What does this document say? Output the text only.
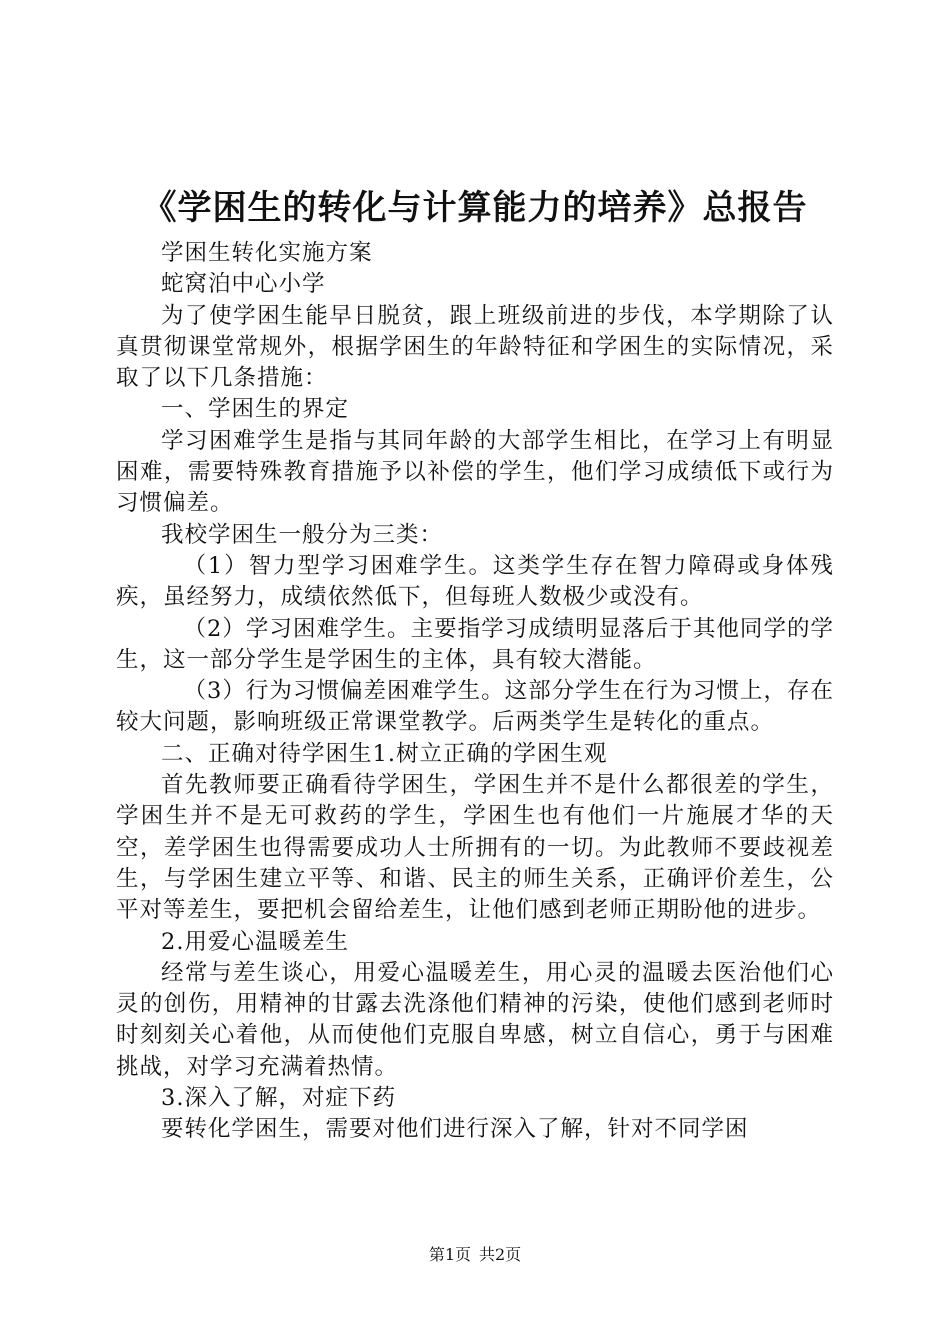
《学困生的转化与计算能力的培养》总报告

学困生转化实施方案

蛇窝泊中心小学

为了使学困生能早日脱贫，跟上班级前进的步伐，本学期除了认真贯彻课堂常规外，根据学困生的年龄特征和学困生的实际情况，采取了以下几条措施：

一、学困生的界定

学习困难学生是指与其同年龄的大部学生相比，在学习上有明显困难，需要特殊教育措施予以补偿的学生，他们学习成绩低下或行为习惯偏差。

我校学困生一般分为三类：

（1）智力型学习困难学生。这类学生存在智力障碍或身体残疾，虽经努力，成绩依然低下，但每班人数极少或没有。

（2）学习困难学生。主要指学习成绩明显落后于其他同学的学生，这一部分学生是学困生的主体，具有较大潜能。

（3）行为习惯偏差困难学生。这部分学生在行为习惯上，存在较大问题，影响班级正常课堂教学。后两类学生是转化的重点。

二、正确对待学困生1.树立正确的学困生观

首先教师要正确看待学困生，学困生并不是什么都很差的学生，学困生并不是无可救药的学生，学困生也有他们一片施展才华的天空，差学困生也得需要成功人士所拥有的一切。为此教师不要歧视差生，与学困生建立平等、和谐、民主的师生关系，正确评价差生，公平对等差生，要把机会留给差生，让他们感到老师正期盼他的进步。

2.用爱心温暖差生

经常与差生谈心，用爱心温暖差生，用心灵的温暖去医治他们心灵的创伤，用精神的甘露去洗涤他们精神的污染，使他们感到老师时时刻刻关心着他，从而使他们克服自卑感，树立自信心，勇于与困难挑战，对学习充满着热情。

3.深入了解，对症下药

要转化学困生，需要对他们进行深入了解，针对不同学困

第1页 共2页
